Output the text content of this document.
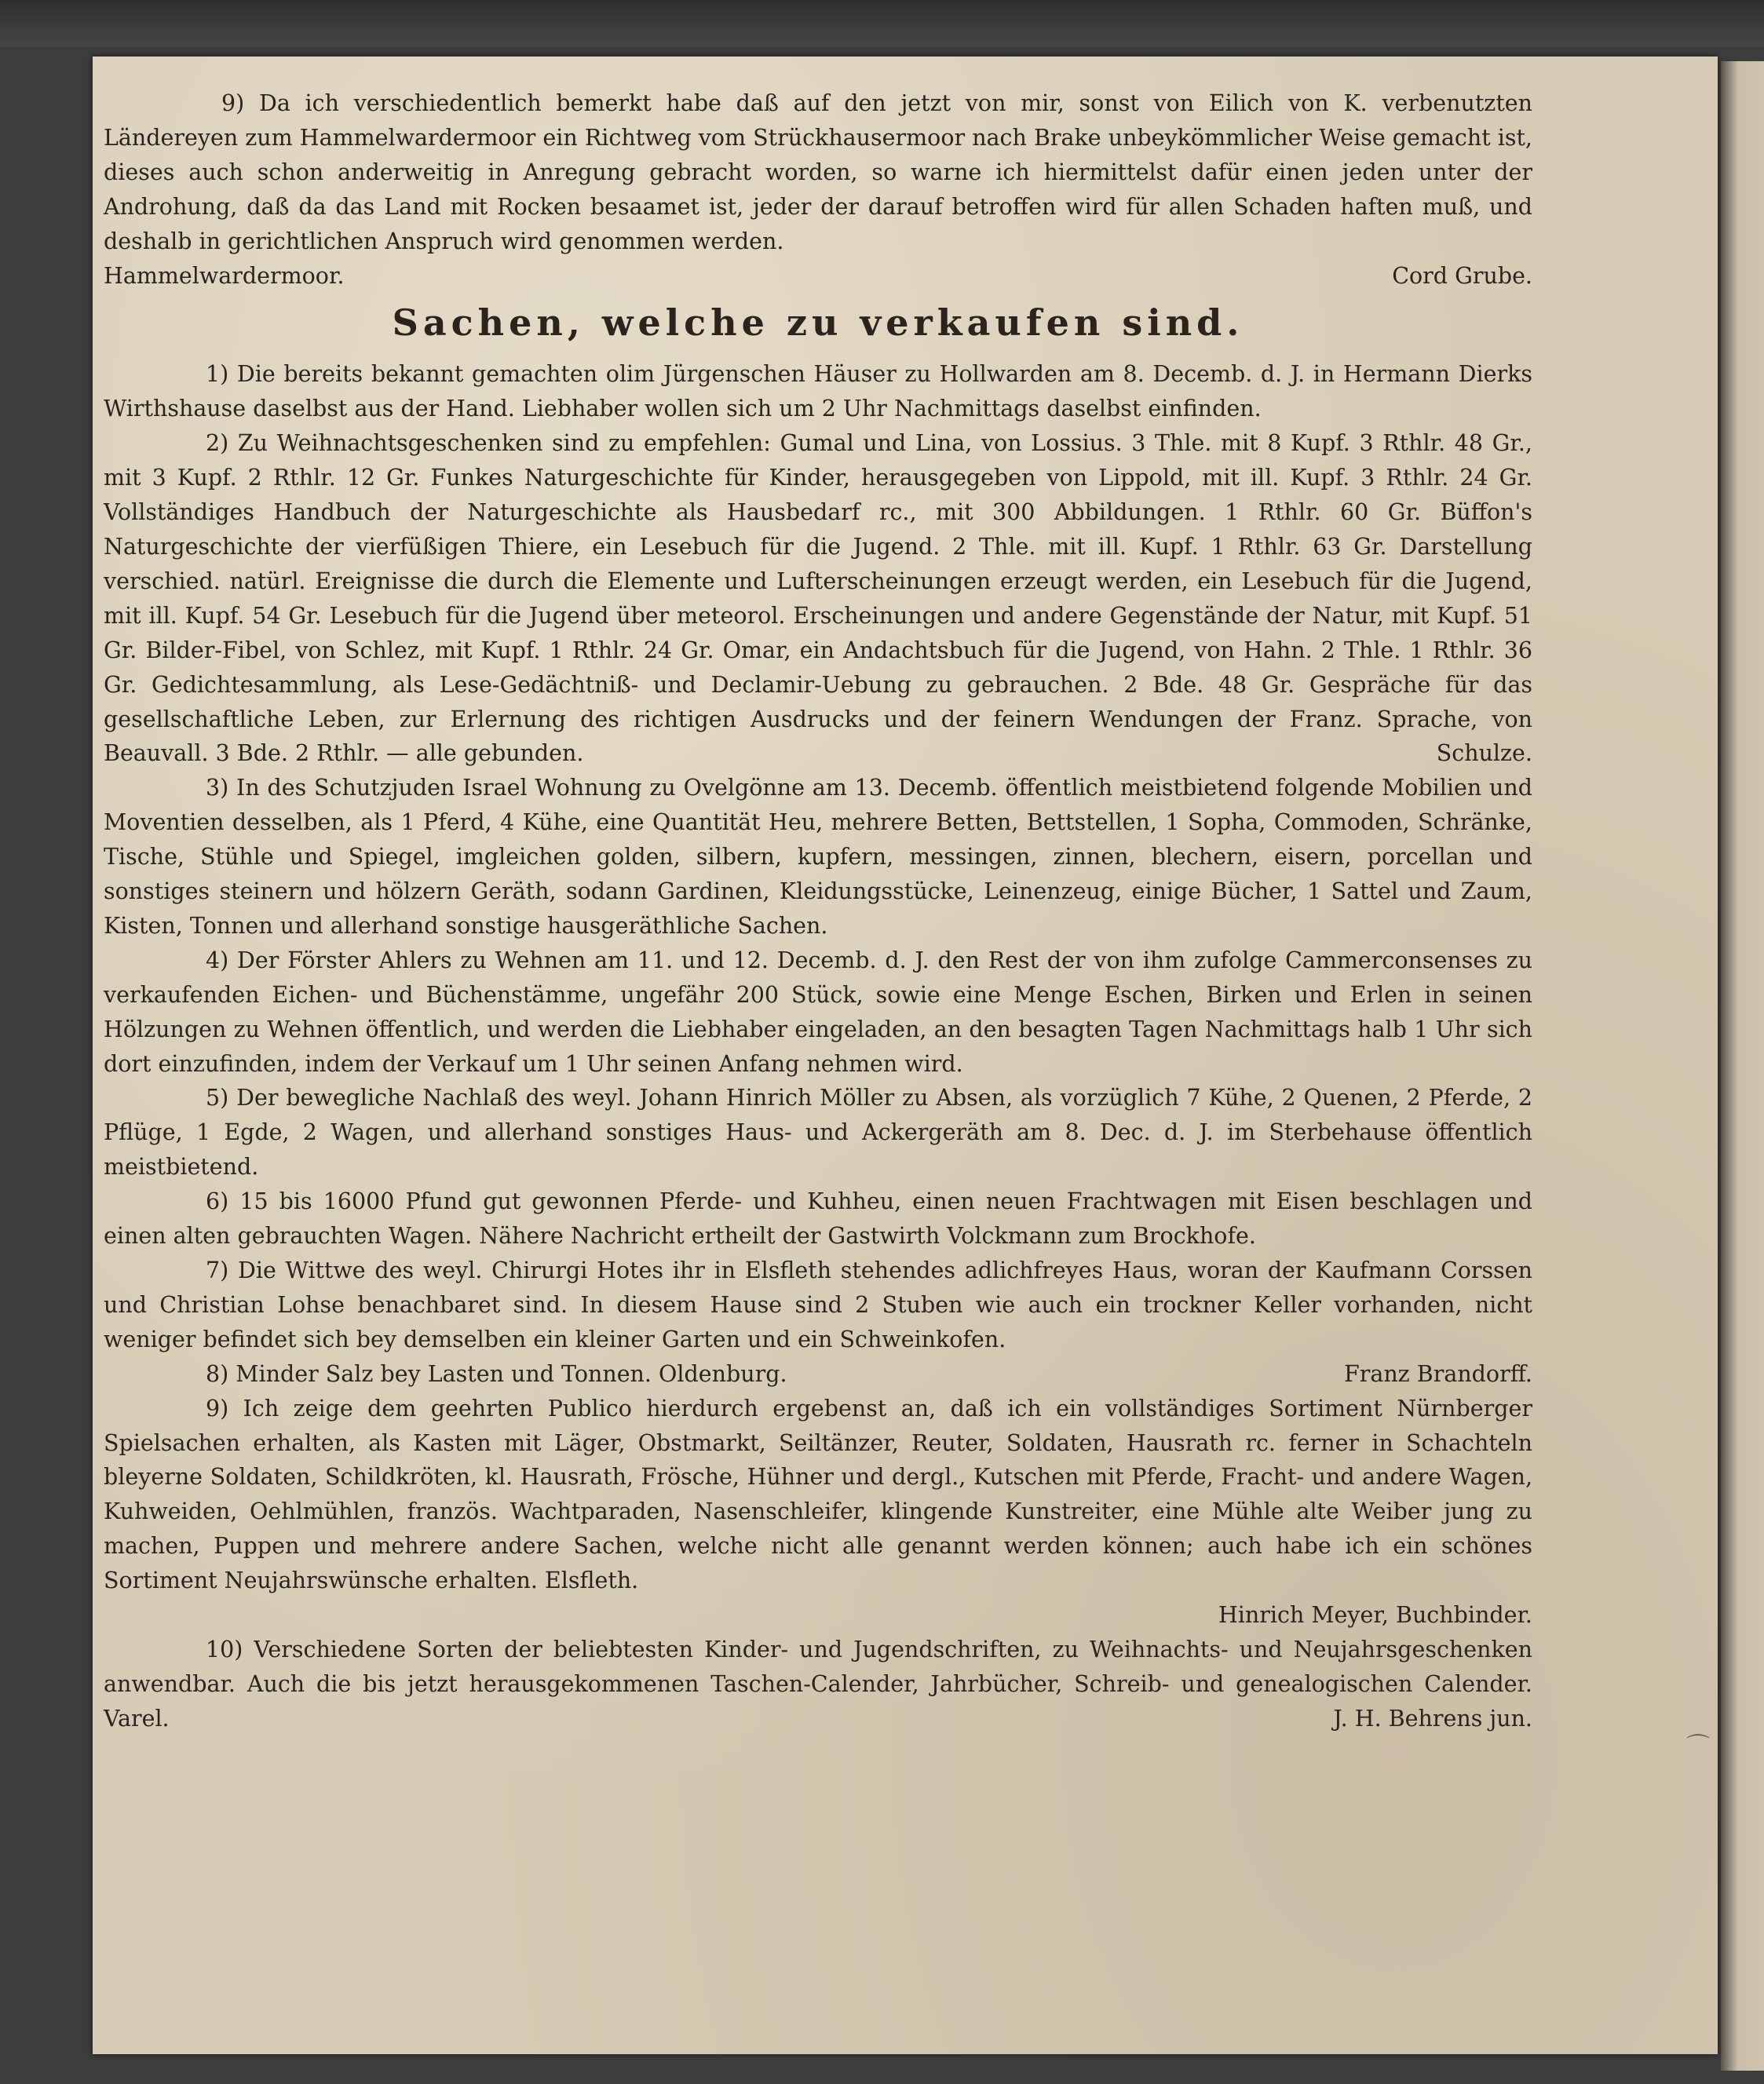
9) Da ich verschiedentlich bemerkt habe daß auf den jetzt von mir, sonst von Eilich von K. verbenutzten Ländereyen zum Hammelwardermoor ein Richtweg vom Strückhausermoor nach Brake unbeykömmlicher Weise gemacht ist, dieses auch schon anderweitig in Anregung gebracht worden, so warne ich hiermittelst dafür einen jeden unter der Androhung, daß da das Land mit Rocken besaamet ist, jeder der darauf betroffen wird für allen Schaden haften muß, und deshalb in gerichtlichen Anspruch wird genommen werden.

Hammelwardermoor.	Cord Grube.

Sachen, welche zu verkaufen sind.

1) Die bereits bekannt gemachten olim Jürgenschen Häuser zu Hollwarden am 8. Decemb. d. J. in Hermann Dierks Wirthshause daselbst aus der Hand. Liebhaber wollen sich um 2 Uhr Nachmittags daselbst einfinden.

2) Zu Weihnachtsgeschenken sind zu empfehlen: Gumal und Lina, von Lossius. 3 Thle. mit 8 Kupf. 3 Rthlr. 48 Gr., mit 3 Kupf. 2 Rthlr. 12 Gr. Funkes Naturgeschichte für Kinder, herausgegeben von Lippold, mit ill. Kupf. 3 Rthlr. 24 Gr. Vollständiges Handbuch der Naturgeschichte als Hausbedarf rc., mit 300 Abbildungen. 1 Rthlr. 60 Gr. Büffon's Naturgeschichte der vierfüßigen Thiere, ein Lesebuch für die Jugend. 2 Thle. mit ill. Kupf. 1 Rthlr. 63 Gr. Darstellung verschied. natürl. Ereignisse die durch die Elemente und Lufterscheinungen erzeugt werden, ein Lesebuch für die Jugend, mit ill. Kupf. 54 Gr. Lesebuch für die Jugend über meteorol. Erscheinungen und andere Gegenstände der Natur, mit Kupf. 51 Gr. Bilder-Fibel, von Schlez, mit Kupf. 1 Rthlr. 24 Gr. Omar, ein Andachtsbuch für die Jugend, von Hahn. 2 Thle. 1 Rthlr. 36 Gr. Gedichtesammlung, als Lese-Gedächtniß- und Declamir-Uebung zu gebrauchen. 2 Bde. 48 Gr. Gespräche für das gesellschaftliche Leben, zur Erlernung des richtigen Ausdrucks und der feinern Wendungen der Franz. Sprache, von Beauvall. 3 Bde. 2 Rthlr. — alle gebunden.	Schulze.

3) In des Schutzjuden Israel Wohnung zu Ovelgönne am 13. Decemb. öffentlich meistbietend folgende Mobilien und Moventien desselben, als 1 Pferd, 4 Kühe, eine Quantität Heu, mehrere Betten, Bettstellen, 1 Sopha, Commoden, Schränke, Tische, Stühle und Spiegel, imgleichen golden, silbern, kupfern, messingen, zinnen, blechern, eisern, porcellan und sonstiges steinern und hölzern Geräth, sodann Gardinen, Kleidungsstücke, Leinenzeug, einige Bücher, 1 Sattel und Zaum, Kisten, Tonnen und allerhand sonstige hausgeräthliche Sachen.

4) Der Förster Ahlers zu Wehnen am 11. und 12. Decemb. d. J. den Rest der von ihm zufolge Cammerconsenses zu verkaufenden Eichen- und Büchenstämme, ungefähr 200 Stück, sowie eine Menge Eschen, Birken und Erlen in seinen Hölzungen zu Wehnen öffentlich, und werden die Liebhaber eingeladen, an den besagten Tagen Nachmittags halb 1 Uhr sich dort einzufinden, indem der Verkauf um 1 Uhr seinen Anfang nehmen wird.

5) Der bewegliche Nachlaß des weyl. Johann Hinrich Möller zu Absen, als vorzüglich 7 Kühe, 2 Quenen, 2 Pferde, 2 Pflüge, 1 Egde, 2 Wagen, und allerhand sonstiges Haus- und Ackergeräth am 8. Dec. d. J. im Sterbehause öffentlich meistbietend.

6) 15 bis 16000 Pfund gut gewonnen Pferde- und Kuhheu, einen neuen Frachtwagen mit Eisen beschlagen und einen alten gebrauchten Wagen. Nähere Nachricht ertheilt der Gastwirth Volckmann zum Brockhofe.

7) Die Wittwe des weyl. Chirurgi Hotes ihr in Elsfleth stehendes adlichfreyes Haus, woran der Kaufmann Corssen und Christian Lohse benachbaret sind. In diesem Hause sind 2 Stuben wie auch ein trockner Keller vorhanden, nicht weniger befindet sich bey demselben ein kleiner Garten und ein Schweinkofen.

8) Minder Salz bey Lasten und Tonnen. Oldenburg.	Franz Brandorff.

9) Ich zeige dem geehrten Publico hierdurch ergebenst an, daß ich ein vollständiges Sortiment Nürnberger Spielsachen erhalten, als Kasten mit Läger, Obstmarkt, Seiltänzer, Reuter, Soldaten, Hausrath rc. ferner in Schachteln bleyerne Soldaten, Schildkröten, kl. Hausrath, Frösche, Hühner und dergl., Kutschen mit Pferde, Fracht- und andere Wagen, Kuhweiden, Oehlmühlen, französ. Wachtparaden, Nasenschleifer, klingende Kunstreiter, eine Mühle alte Weiber jung zu machen, Puppen und mehrere andere Sachen, welche nicht alle genannt werden können; auch habe ich ein schönes Sortiment Neujahrswünsche erhalten. Elsfleth.

Hinrich Meyer, Buchbinder.

10) Verschiedene Sorten der beliebtesten Kinder- und Jugendschriften, zu Weihnachts- und Neujahrsgeschenken anwendbar. Auch die bis jetzt herausgekommenen Taschen-Calender, Jahrbücher, Schreib- und genealogischen Calender. Varel.	J. H. Behrens jun.

⌒
